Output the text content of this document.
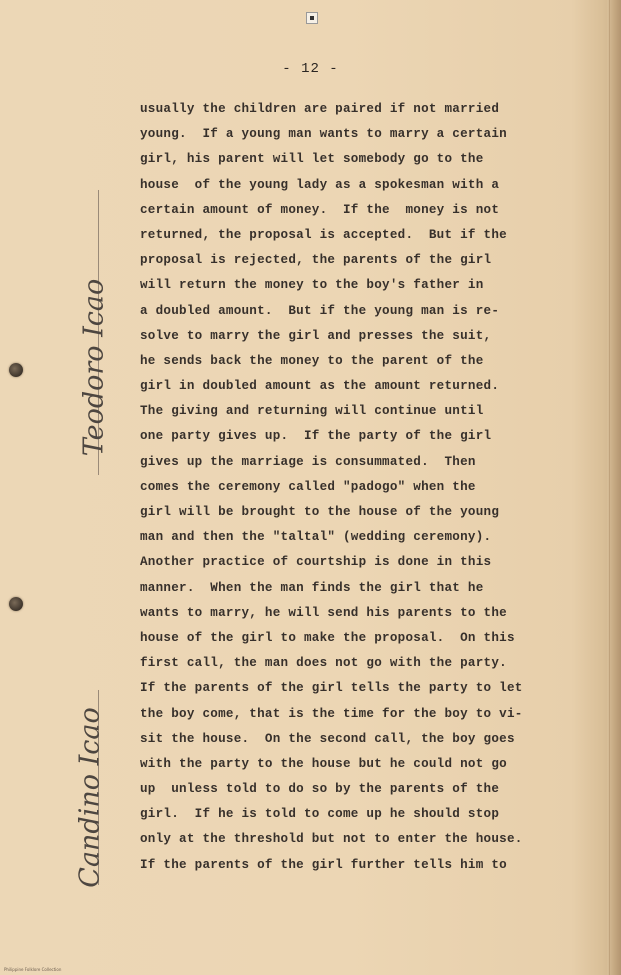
- 12 -
usually the children are paired if not married
young.  If a young man wants to marry a certain
girl, his parent will let somebody go to the
house  of the young lady as a spokesman with a
certain amount of money.  If the  money is not
returned, the proposal is accepted.  But if the
proposal is rejected, the parents of the girl
will return the money to the boy's father in
a doubled amount.  But if the young man is re-
solve to marry the girl and presses the suit,
he sends back the money to the parent of the
girl in doubled amount as the amount returned.
The giving and returning will continue until
one party gives up.  If the party of the girl
gives up the marriage is consummated.  Then
comes the ceremony called "padogo" when the
girl will be brought to the house of the young
man and then the "taltal" (wedding ceremony).
Another practice of courtship is done in this
manner.  When the man finds the girl that he
wants to marry, he will send his parents to the
house of the girl to make the proposal.  On this
first call, the man does not go with the party.
If the parents of the girl tells the party to let
the boy come, that is the time for the boy to vi-
sit the house.  On the second call, the boy goes
with the party to the house but he could not go
up  unless told to do so by the parents of the
girl.  If he is told to come up he should stop
only at the threshold but not to enter the house.
If the parents of the girl further tells him to
Teodoro Icao
Candino Icao
Philippine Folklore Collection
